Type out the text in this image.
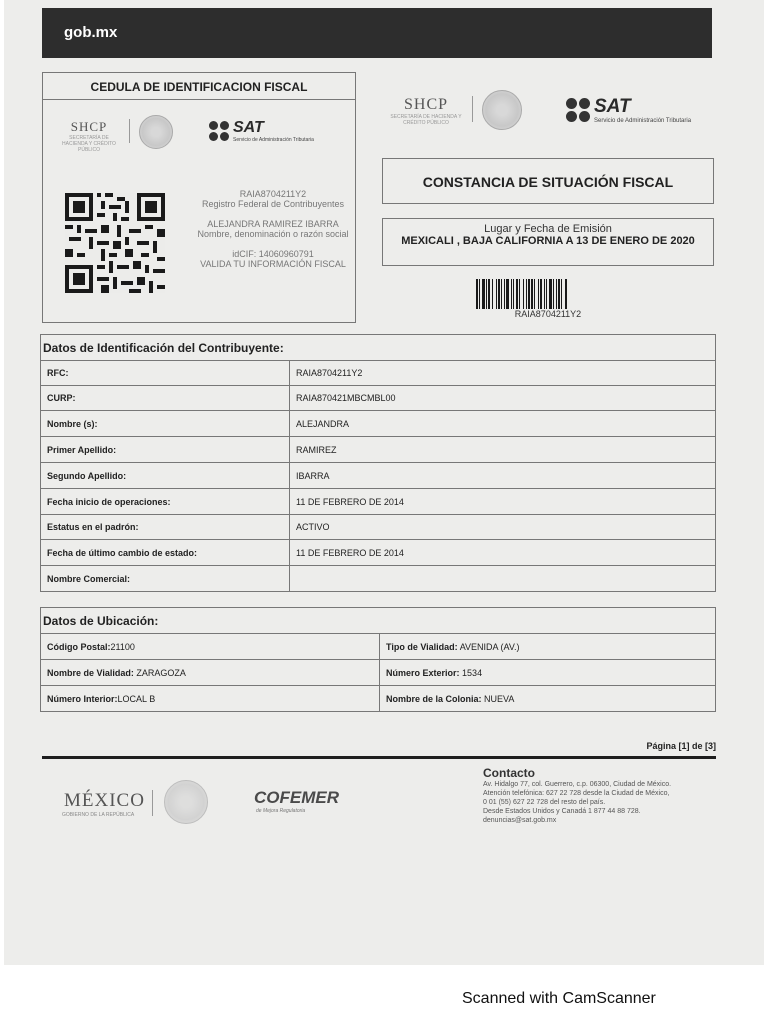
gob.mx
CEDULA DE IDENTIFICACION FISCAL
SHCP
SECRETARÍA DE HACIENDA Y CRÉDITO PÚBLICO
SAT
Servicio de Administración Tributaria
RAIA8704211Y2
Registro Federal de Contribuyentes
ALEJANDRA RAMIREZ IBARRA
Nombre, denominación o razón social
idCIF: 14060960791
VALIDA TU INFORMACIÓN FISCAL
SHCP
SECRETARÍA DE HACIENDA Y CRÉDITO PÚBLICO
SAT
Servicio de Administración Tributaria
CONSTANCIA DE SITUACIÓN FISCAL
Lugar y Fecha de Emisión
MEXICALI , BAJA CALIFORNIA A 13 DE ENERO DE 2020
RAIA8704211Y2
Datos de Identificación del Contribuyente:	
RFC:	RAIA8704211Y2
CURP:	RAIA870421MBCMBL00
Nombre (s):	ALEJANDRA
Primer Apellido:	RAMIREZ
Segundo Apellido:	IBARRA
Fecha inicio de operaciones:	11 DE FEBRERO DE 2014
Estatus en el padrón:	ACTIVO
Fecha de último cambio de estado:	11 DE FEBRERO DE 2014
Nombre Comercial:	
Datos de Ubicación:	
Código Postal:21100	Tipo de Vialidad: AVENIDA (AV.)
Nombre de Vialidad: ZARAGOZA	Número Exterior: 1534
Número Interior:LOCAL B	Nombre de la Colonia: NUEVA
Página [1] de [3]
MÉXICO
GOBIERNO DE LA REPÚBLICA
COFEMER
de Mejora Regulatoria
Contacto
Av. Hidalgo 77, col. Guerrero, c.p. 06300, Ciudad de México.
Atención telefónica: 627 22 728 desde la Ciudad de México,
0 01 (55) 627 22 728 del resto del país.
Desde Estados Unidos y Canadá 1 877 44 88 728.
denuncias@sat.gob.mx
Scanned with CamScanner
